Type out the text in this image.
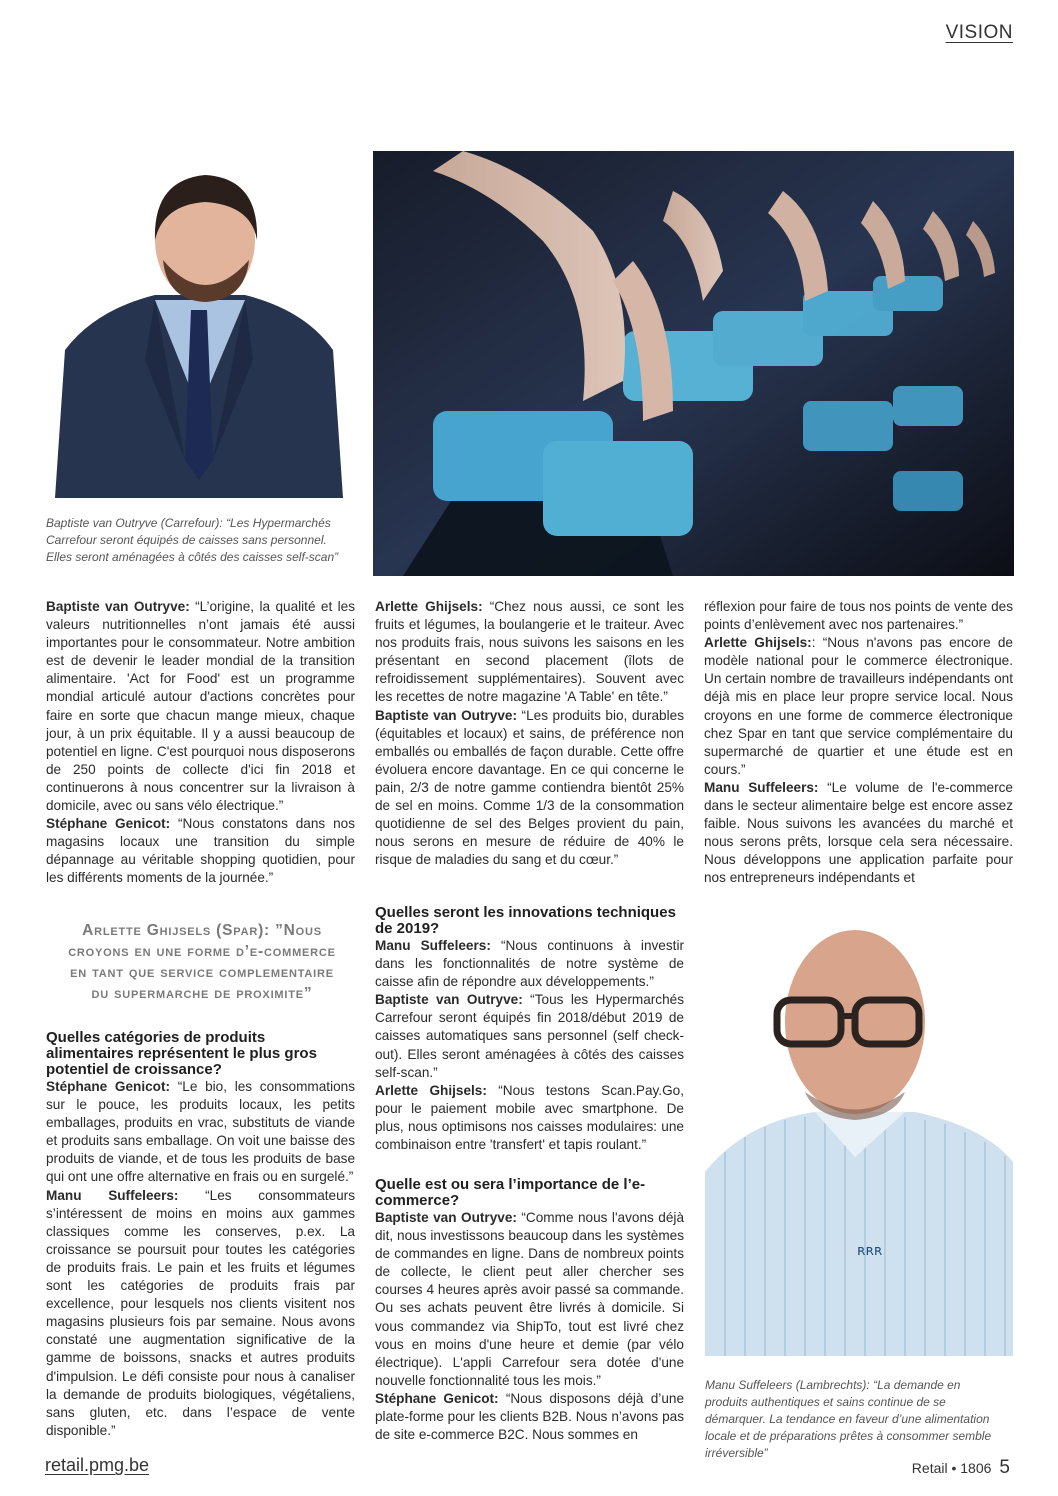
VISION
Baptiste van Outryve (Carrefour): “Les Hypermarchés Carrefour seront équipés de caisses sans personnel. Elles seront aménagées à côtés des caisses self-scan”

Baptiste van Outryve: “L’origine, la qualité et les valeurs nutritionnelles n’ont jamais été aussi importantes pour le consommateur. Notre ambition est de devenir le leader mondial de la transition alimentaire. 'Act for Food' est un programme mondial articulé autour d'actions concrètes pour faire en sorte que chacun mange mieux, chaque jour, à un prix équitable. Il y a aussi beaucoup de potentiel en ligne. C'est pourquoi nous disposerons de 250 points de collecte d'ici fin 2018 et continuerons à nous concentrer sur la livraison à domicile, avec ou sans vélo électrique.”

Stéphane Genicot: “Nous constatons dans nos magasins locaux une transition du simple dépannage au véritable shopping quotidien, pour les différents moments de la journée.”

Arlette Ghijsels (Spar): ”Nous croyons en une forme d’e-commerce en tant que service complementaire du supermarche de proximite”
Quelles catégories de produits alimentaires représentent le plus gros potentiel de croissance?

Stéphane Genicot: “Le bio, les consommations sur le pouce, les produits locaux, les petits emballages, produits en vrac, substituts de viande et produits sans emballage. On voit une baisse des produits de viande, et de tous les produits de base qui ont une offre alternative en frais ou en surgelé.”

Manu Suffeleers: “Les consommateurs s’intéressent de moins en moins aux gammes classiques comme les conserves, p.ex. La croissance se poursuit pour toutes les catégories de produits frais. Le pain et les fruits et légumes sont les catégories de produits frais par excellence, pour lesquels nos clients visitent nos magasins plusieurs fois par semaine. Nous avons constaté une augmentation significative de la gamme de boissons, snacks et autres produits d'impulsion. Le défi consiste pour nous à canaliser la demande de produits biologiques, végétaliens, sans gluten, etc. dans l’espace de vente disponible.”

Arlette Ghijsels: “Chez nous aussi, ce sont les fruits et légumes, la boulangerie et le traiteur. Avec nos produits frais, nous suivons les saisons en les présentant en second placement (îlots de refroidissement supplémentaires). Souvent avec les recettes de notre magazine 'A Table' en tête.”

Baptiste van Outryve: “Les produits bio, durables (équitables et locaux) et sains, de préférence non emballés ou emballés de façon durable. Cette offre évoluera encore davantage. En ce qui concerne le pain, 2/3 de notre gamme contiendra bientôt 25% de sel en moins. Comme 1/3 de la consommation quotidienne de sel des Belges provient du pain, nous serons en mesure de réduire de 40% le risque de maladies du sang et du cœur.”

Quelles seront les innovations techniques de 2019?

Manu Suffeleers: “Nous continuons à investir dans les fonctionnalités de notre système de caisse afin de répondre aux développements.”

Baptiste van Outryve: “Tous les Hypermarchés Carrefour seront équipés fin 2018/début 2019 de caisses automatiques sans personnel (self check-out). Elles seront aménagées à côtés des caisses self-scan.”

Arlette Ghijsels: “Nous testons Scan.Pay.Go, pour le paiement mobile avec smartphone. De plus, nous optimisons nos caisses modulaires: une combinaison entre 'transfert' et tapis roulant.”

Quelle est ou sera l’importance de l’e-commerce?

Baptiste van Outryve: “Comme nous l'avons déjà dit, nous investissons beaucoup dans les systèmes de commandes en ligne. Dans de nombreux points de collecte, le client peut aller chercher ses courses 4 heures après avoir passé sa commande. Ou ses achats peuvent être livrés à domicile. Si vous commandez via ShipTo, tout est livré chez vous en moins d'une heure et demie (par vélo électrique). L'appli Carrefour sera dotée d'une nouvelle fonctionnalité tous les mois.”

Stéphane Genicot: “Nous disposons déjà d’une plate-forme pour les clients B2B. Nous n’avons pas de site e-commerce B2C. Nous sommes en

réflexion pour faire de tous nos points de vente des points d’enlèvement avec nos partenaires.”

Arlette Ghijsels:: “Nous n'avons pas encore de modèle national pour le commerce électronique. Un certain nombre de travailleurs indépendants ont déjà mis en place leur propre service local. Nous croyons en une forme de commerce électronique chez Spar en tant que service complémentaire du supermarché de quartier et une étude est en cours.”

Manu Suffeleers: “Le volume de l'e-commerce dans le secteur alimentaire belge est encore assez faible. Nous suivons les avancées du marché et nous serons prêts, lorsque cela sera nécessaire. Nous développons une application parfaite pour nos entrepreneurs indépendants et

ʀʀʀ
Manu Suffeleers (Lambrechts): “La demande en produits authentiques et sains continue de se démarquer. La tendance en faveur d’une alimentation locale et de préparations prêtes à consommer semble irréversible”
retail.pmg.be	Retail • 1806 5
